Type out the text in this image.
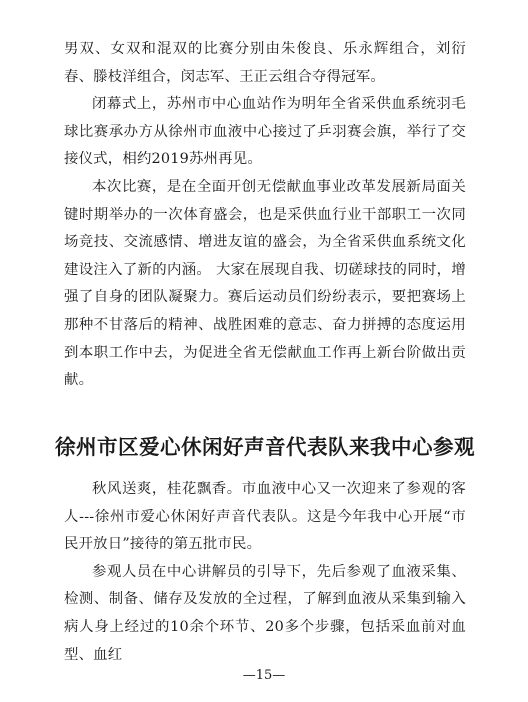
男双、女双和混双的比赛分别由朱俊良、乐永辉组合，刘衍春、滕枝洋组合，闵志军、王正云组合夺得冠军。

闭幕式上，苏州市中心血站作为明年全省采供血系统羽毛球比赛承办方从徐州市血液中心接过了乒羽赛会旗，举行了交接仪式，相约2019苏州再见。

本次比赛，是在全面开创无偿献血事业改革发展新局面关键时期举办的一次体育盛会，也是采供血行业干部职工一次同场竞技、交流感情、增进友谊的盛会，为全省采供血系统文化建设注入了新的内涵。 大家在展现自我、切磋球技的同时，增强了自身的团队凝聚力。赛后运动员们纷纷表示，要把赛场上那种不甘落后的精神、战胜困难的意志、奋力拼搏的态度运用到本职工作中去，为促进全省无偿献血工作再上新台阶做出贡献。

徐州市区爱心休闲好声音代表队来我中心参观

秋风送爽，桂花飘香。市血液中心又一次迎来了参观的客人---徐州市爱心休闲好声音代表队。这是今年我中心开展“市民开放日”接待的第五批市民。

参观人员在中心讲解员的引导下，先后参观了血液采集、检测、制备、储存及发放的全过程，了解到血液从采集到输入病人身上经过的10余个环节、20多个步骤，包括采血前对血型、血红

—15—
